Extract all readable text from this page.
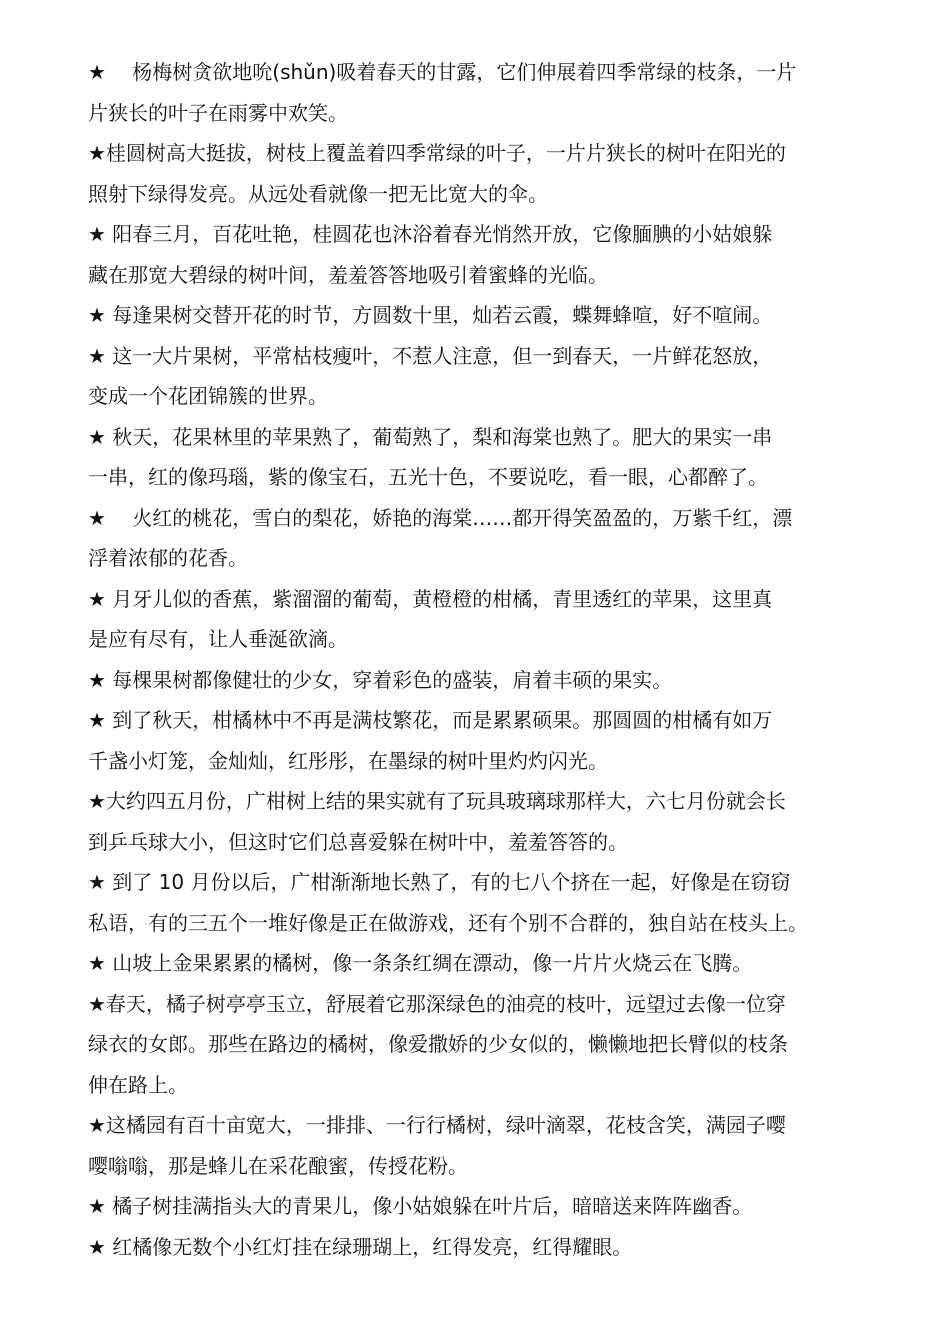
★ 　杨梅树贪欲地吮(shǔn)吸着春天的甘露，它们伸展着四季常绿的枝条，一片
片狭长的叶子在雨雾中欢笑。

★桂圆树高大挺拔，树枝上覆盖着四季常绿的叶子，一片片狭长的树叶在阳光的
照射下绿得发亮。从远处看就像一把无比宽大的伞。

★ 阳春三月，百花吐艳，桂圆花也沐浴着春光悄然开放，它像腼腆的小姑娘躲
藏在那宽大碧绿的树叶间，羞羞答答地吸引着蜜蜂的光临。

★ 每逢果树交替开花的时节，方圆数十里，灿若云霞，蝶舞蜂喧，好不喧闹。

★ 这一大片果树，平常枯枝瘦叶，不惹人注意，但一到春天，一片鲜花怒放，
变成一个花团锦簇的世界。

★ 秋天，花果林里的苹果熟了，葡萄熟了，梨和海棠也熟了。肥大的果实一串
一串，红的像玛瑙，紫的像宝石，五光十色，不要说吃，看一眼，心都醉了。

★ 　火红的桃花，雪白的梨花，娇艳的海棠……都开得笑盈盈的，万紫千红，漂
浮着浓郁的花香。

★ 月牙儿似的香蕉，紫溜溜的葡萄，黄橙橙的柑橘，青里透红的苹果，这里真
是应有尽有，让人垂涎欲滴。

★ 每棵果树都像健壮的少女，穿着彩色的盛装，肩着丰硕的果实。

★ 到了秋天，柑橘林中不再是满枝繁花，而是累累硕果。那圆圆的柑橘有如万
千盏小灯笼，金灿灿，红彤彤，在墨绿的树叶里灼灼闪光。

★大约四五月份，广柑树上结的果实就有了玩具玻璃球那样大，六七月份就会长
到乒乓球大小，但这时它们总喜爱躲在树叶中，羞羞答答的。

★ 到了 10 月份以后，广柑渐渐地长熟了，有的七八个挤在一起，好像是在窃窃
私语，有的三五个一堆好像是正在做游戏，还有个别不合群的，独自站在枝头上。

★ 山坡上金果累累的橘树，像一条条红绸在漂动，像一片片火烧云在飞腾。

★春天，橘子树亭亭玉立，舒展着它那深绿色的油亮的枝叶，远望过去像一位穿
绿衣的女郎。那些在路边的橘树，像爱撒娇的少女似的，懒懒地把长臂似的枝条
伸在路上。

★这橘园有百十亩宽大，一排排、一行行橘树，绿叶滴翠，花枝含笑，满园子嘤
嘤嗡嗡，那是蜂儿在采花酿蜜，传授花粉。

★ 橘子树挂满指头大的青果儿，像小姑娘躲在叶片后，暗暗送来阵阵幽香。

★ 红橘像无数个小红灯挂在绿珊瑚上，红得发亮，红得耀眼。
